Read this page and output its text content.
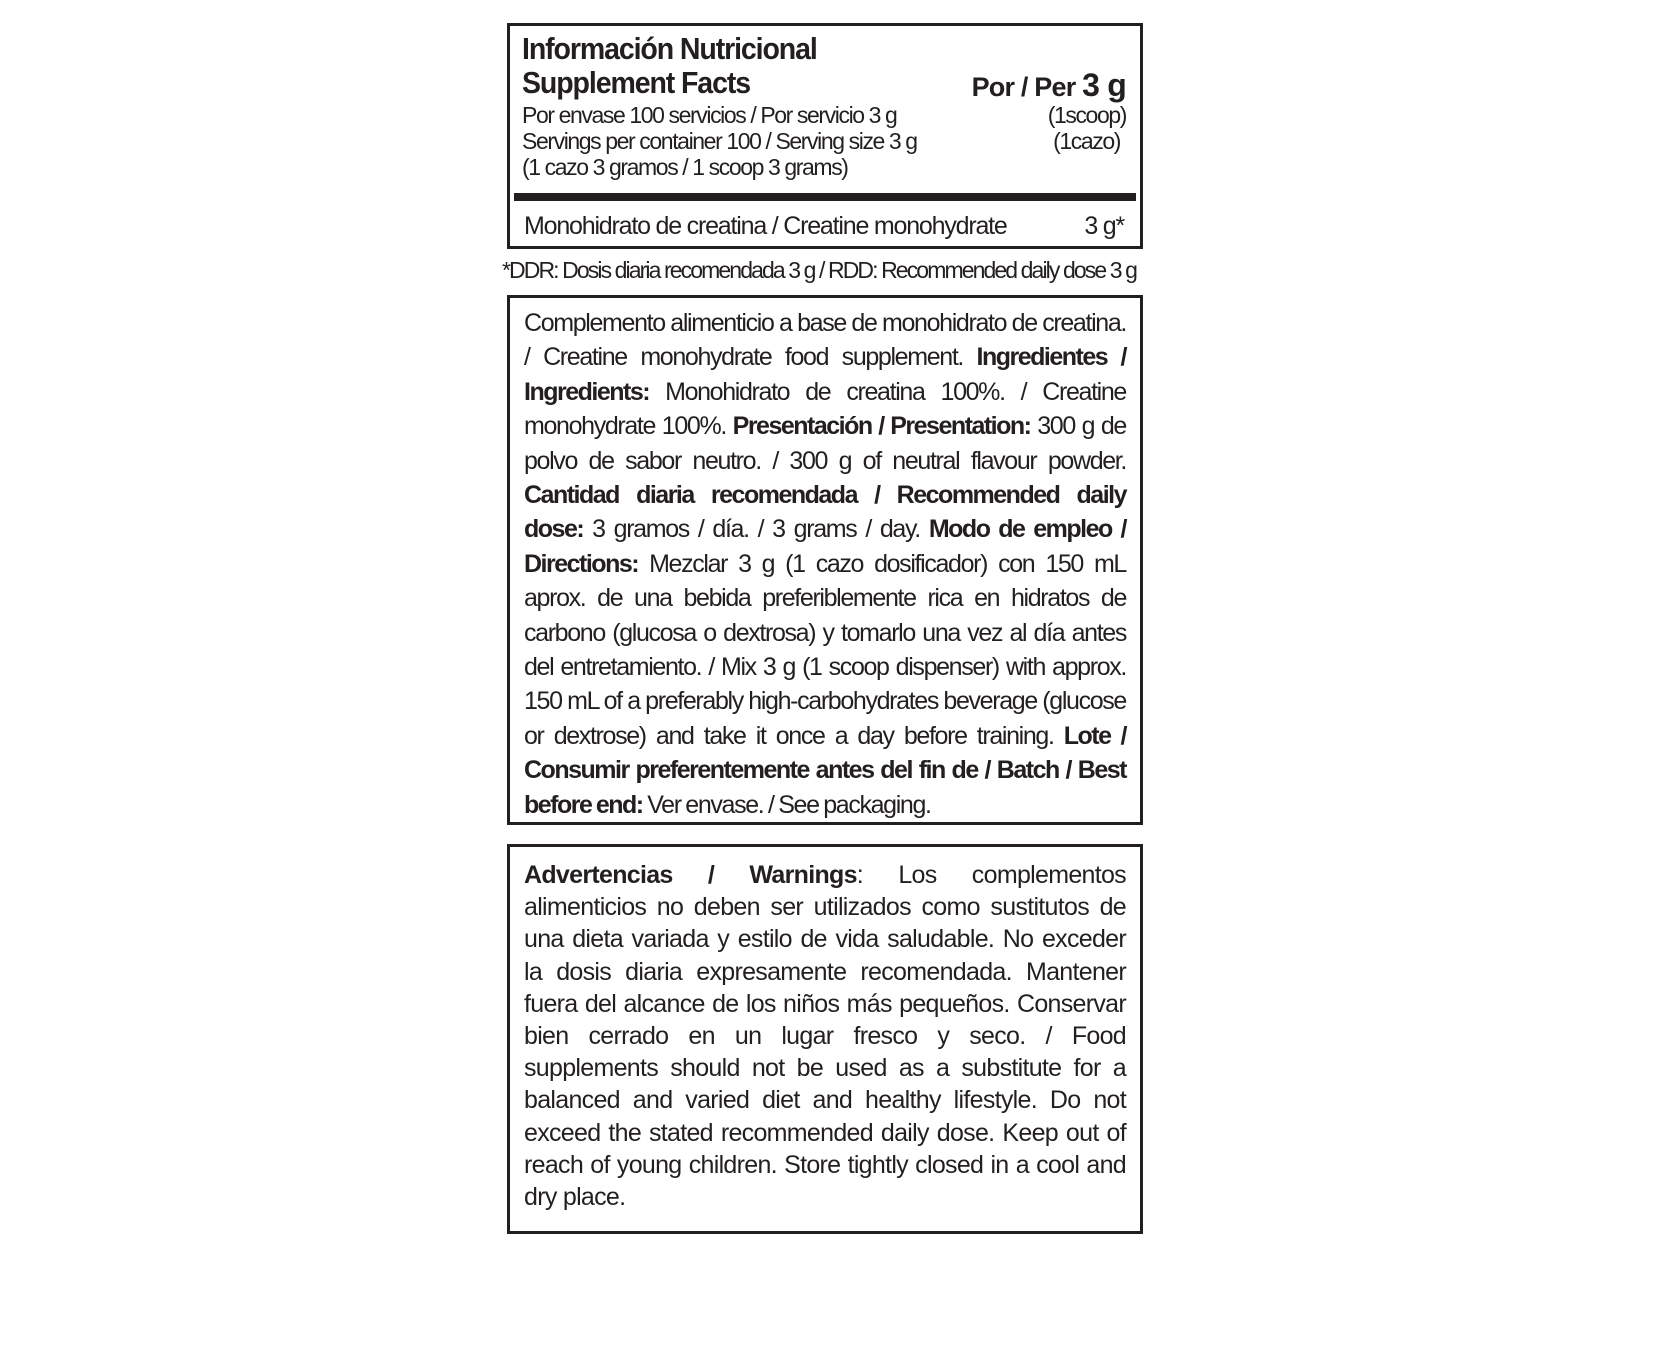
Información Nutricional
Supplement Facts	Por / Per 3 g
Por envase 100 servicios / Por servicio 3 g	(1scoop)
Servings per container 100 / Serving size 3 g	(1cazo)
(1 cazo 3 gramos / 1 scoop 3 grams)
Monohidrato de creatina / Creatine monohydrate	3 g*
*DDR: Dosis diaria recomendada 3 g / RDD: Recommended daily dose 3 g
Complemento alimenticio a base de monohidrato de creatina. / Creatine monohydrate food supplement. Ingredientes / Ingredients: Monohidrato de creatina 100%. / Creatine monohydrate 100%. Presentación / Presentation: 300 g de polvo de sabor neutro. / 300 g of neutral flavour powder. Cantidad diaria recomendada / Recommended daily dose: 3 gramos / día. / 3 grams / day. Modo de empleo / Directions: Mezclar 3 g (1 cazo dosificador) con 150 mL aprox. de una bebida preferiblemente rica en hidratos de carbono (glucosa o dextrosa) y tomarlo una vez al día antes del entretamiento. / Mix 3 g (1 scoop dispenser) with approx. 150 mL of a preferably high-carbohydrates beverage (glucose or dextrose) and take it once a day before training. Lote / Consumir preferentemente antes del fin de / Batch / Best before end: Ver envase. / See packaging.
Advertencias / Warnings: Los complementos alimenticios no deben ser utilizados como sustitutos de una dieta variada y estilo de vida saludable. No exceder la dosis diaria expresamente recomendada. Mantener fuera del alcance de los niños más pequeños. Conservar bien cerrado en un lugar fresco y seco. / Food supplements should not be used as a substitute for a balanced and varied diet and healthy lifestyle. Do not exceed the stated recommended daily dose. Keep out of reach of young children. Store tightly closed in a cool and dry place.
